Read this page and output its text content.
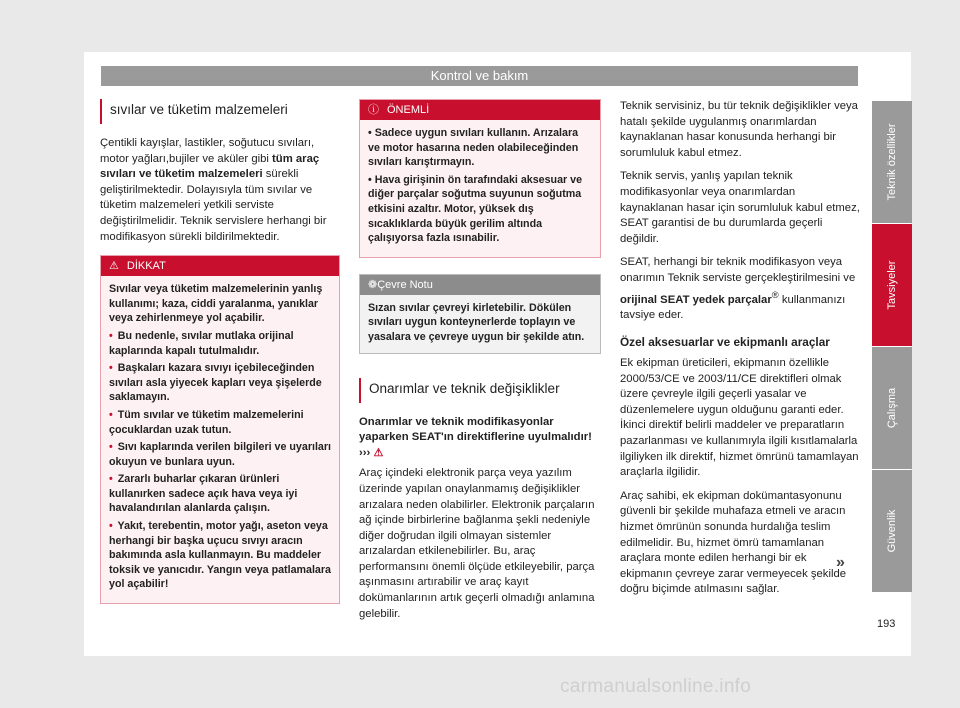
Kontrol ve bakım
sıvılar ve tüketim malzemeleri

Çentikli kayışlar, lastikler, soğutucu sıvıları, motor yağları,bujiler ve aküler gibi tüm araç sıvıları ve tüketim malzemeleri sürekli geliştirilmektedir. Dolayısıyla tüm sıvılar ve tüketim malzemeleri yetkili serviste değiştirilmelidir. Teknik servislere herhangi bir modifikasyon sürekli bildirilmektedir.

⚠ DİKKAT

Sıvılar veya tüketim malzemelerinin yanlış kullanımı; kaza, ciddi yaralanma, yanıklar veya zehirlenmeye yol açabilir.

• Bu nedenle, sıvılar mutlaka orijinal kaplarında kapalı tutulmalıdır.

• Başkaları kazara sıvıyı içebileceğinden sıvıları asla yiyecek kapları veya şişelerde saklamayın.

• Tüm sıvılar ve tüketim malzemelerini çocuklardan uzak tutun.

• Sıvı kaplarında verilen bilgileri ve uyarıları okuyun ve bunlara uyun.

• Zararlı buharlar çıkaran ürünleri kullanırken sadece açık hava veya iyi havalandırılan alanlarda çalışın.

• Yakıt, terebentin, motor yağı, aseton veya herhangi bir başka uçucu sıvıyı aracın bakımında asla kullanmayın. Bu maddeler toksik ve yanıcıdır. Yangın veya patlamalara yol açabilir!

ⓘ ÖNEMLİ

• Sadece uygun sıvıları kullanın. Arızalara ve motor hasarına neden olabileceğinden sıvıları karıştırmayın.

• Hava girişinin ön tarafındaki aksesuar ve diğer parçalar soğutma suyunun soğutma etkisini azaltır. Motor, yüksek dış sıcaklıklarda büyük gerilim altında çalışıyorsa fazla ısınabilir.

❁Çevre Notu
Sızan sıvılar çevreyi kirletebilir. Dökülen sıvıları uygun konteynerlerde toplayın ve yasalara ve çevreye uygun bir şekilde atın.
Onarımlar ve teknik değişiklikler

Onarımlar ve teknik modifikasyonlar yaparken SEAT'ın direktiflerine uyulmalıdır! ››› ⚠

Araç içindeki elektronik parça veya yazılım üzerinde yapılan onaylanmamış değişiklikler arızalara neden olabilirler. Elektronik parçaların ağ içinde birbirlerine bağlanma şekli nedeniyle diğer doğrudan ilgili olmayan sistemler arızalardan etkilenebilirler. Bu, araç performansını önemli ölçüde etkileyebilir, parça aşınmasını artırabilir ve araç kayıt dokümanlarının artık geçerli olmadığı anlamına gelebilir.

Teknik servisiniz, bu tür teknik değişiklikler veya hatalı şekilde uygulanmış onarımlardan kaynaklanan hasar konusunda herhangi bir sorumluluk kabul etmez.

Teknik servis, yanlış yapılan teknik modifikasyonlar veya onarımlardan kaynaklanan hasar için sorumluluk kabul etmez, SEAT garantisi de bu durumlarda geçerli değildir.

SEAT, herhangi bir teknik modifikasyon veya onarımın Teknik serviste gerçekleştirilmesini ve orijinal SEAT yedek parçalar® kullanmanızı tavsiye eder.

Özel aksesuarlar ve ekipmanlı araçlar

Ek ekipman üreticileri, ekipmanın özellikle 2000/53/CE ve 2003/11/CE direktifleri olmak üzere çevreyle ilgili geçerli yasalar ve düzenlemelere uygun olduğunu garanti eder. İkinci direktif belirli maddeler ve preparatların pazarlanması ve kullanımıyla ilgili kısıtlamalarla ilgiliyken ilk direktif, hizmet ömrünü tamamlayan araçlarla ilgilidir.

Araç sahibi, ek ekipman dokümantasyonunu güvenli bir şekilde muhafaza etmeli ve aracın hizmet ömrünün sonunda hurdalığa teslim edilmelidir. Bu, hizmet ömrü tamamlanan araçlara monte edilen herhangi bir ek ekipmanın çevreye zarar vermeyecek şekilde doğru biçimde atılmasını sağlar.

»
Teknik özellikler
Tavsiyeler
Çalışma
Güvenlik
193
carmanualsonline.info
